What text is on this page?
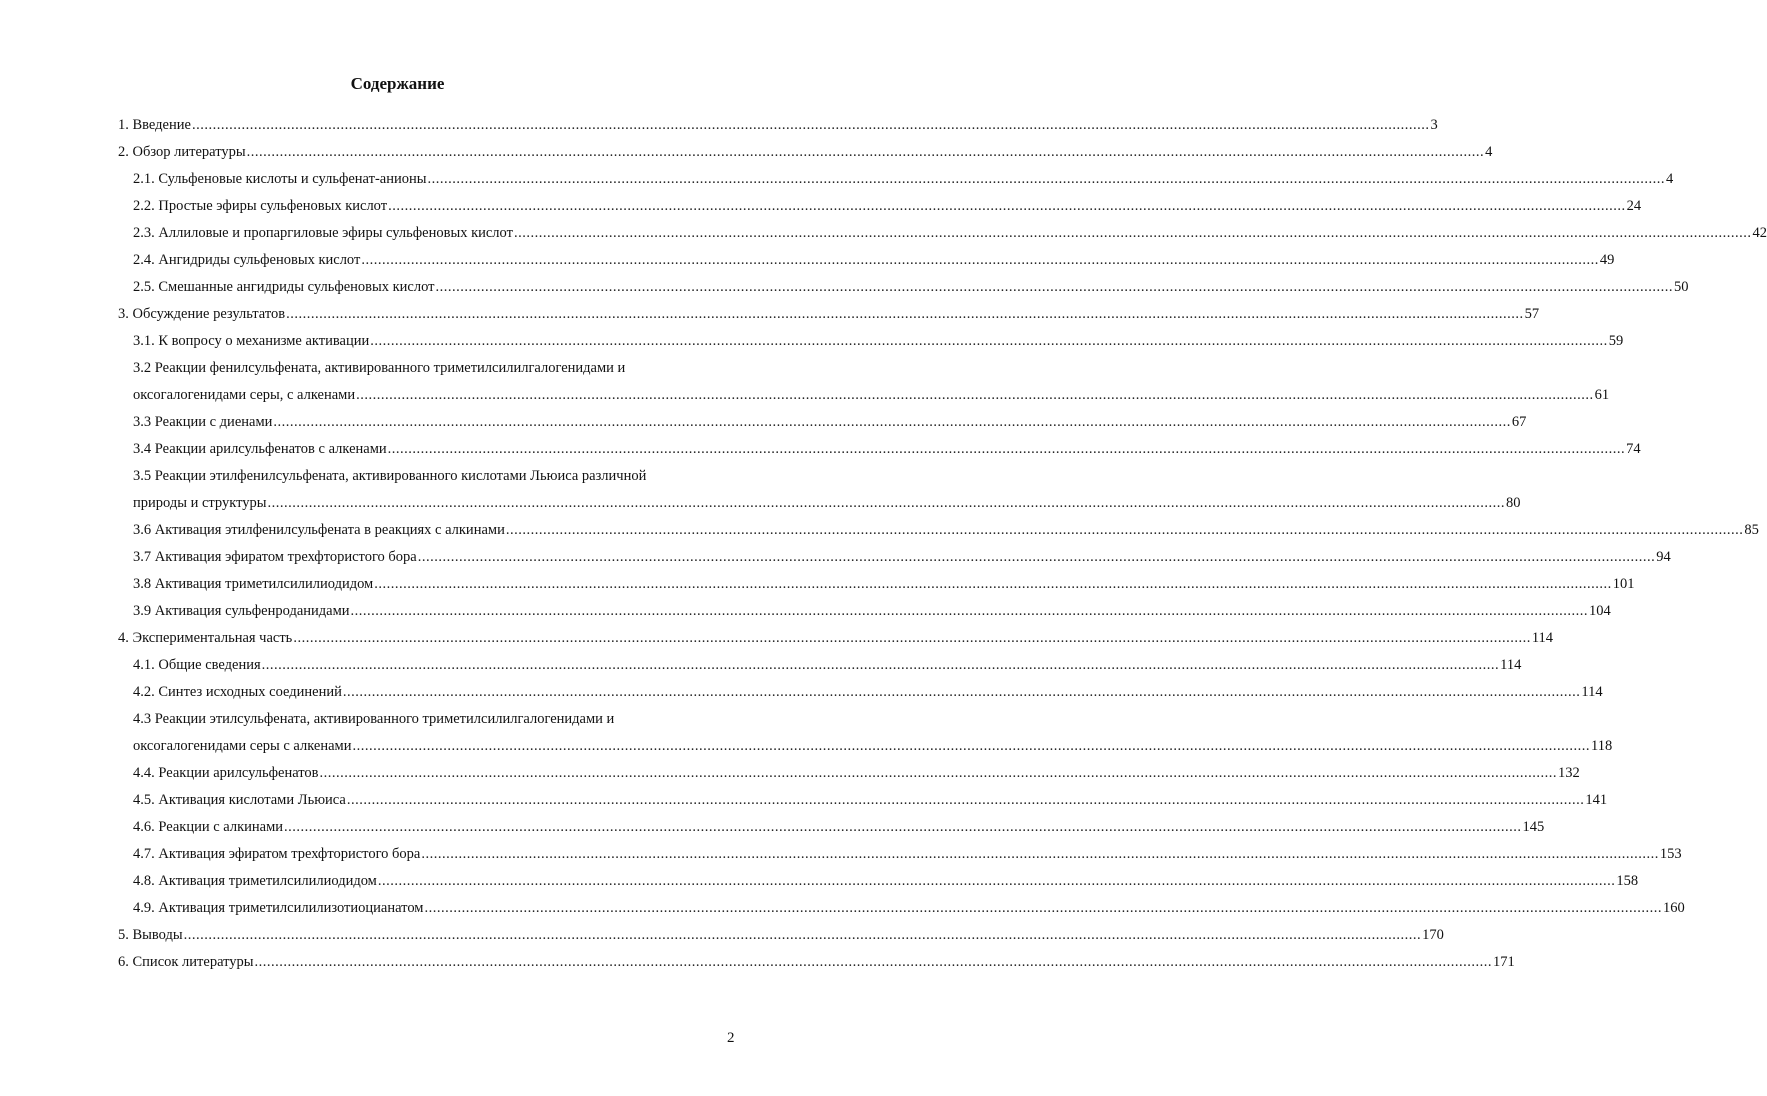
Содержание
1. Введение ............................................................................................................................................................................................................................................................................................................ 3
2. Обзор литературы ............................................................................................................................................................................................................................................................................................................ 4
2.1. Сульфеновые кислоты и сульфенат-анионы ............................................................................................................................................................................................................................................................................................................ 4
2.2. Простые эфиры сульфеновых кислот ............................................................................................................................................................................................................................................................................................................ 24
2.3. Аллиловые и пропаргиловые эфиры сульфеновых кислот ............................................................................................................................................................................................................................................................................................................ 42
2.4. Ангидриды сульфеновых кислот ............................................................................................................................................................................................................................................................................................................ 49
2.5. Смешанные ангидриды сульфеновых кислот ............................................................................................................................................................................................................................................................................................................ 50
3. Обсуждение результатов ............................................................................................................................................................................................................................................................................................................ 57
3.1. К вопросу о механизме активации ............................................................................................................................................................................................................................................................................................................ 59
3.2 Реакции фенилсульфената, активированного триметилсилилгалогенидами и
оксогалогенидами серы, с алкенами ............................................................................................................................................................................................................................................................................................................ 61
3.3 Реакции с диенами ............................................................................................................................................................................................................................................................................................................ 67
3.4 Реакции арилсульфенатов с алкенами ............................................................................................................................................................................................................................................................................................................ 74
3.5 Реакции этилфенилсульфената, активированного кислотами Льюиса различной
природы и структуры ............................................................................................................................................................................................................................................................................................................ 80
3.6 Активация этилфенилсульфената в реакциях с алкинами ............................................................................................................................................................................................................................................................................................................ 85
3.7 Активация эфиратом трехфтористого бора ............................................................................................................................................................................................................................................................................................................ 94
3.8 Активация триметилсилилиодидом ............................................................................................................................................................................................................................................................................................................ 101
3.9 Активация сульфенроданидами ............................................................................................................................................................................................................................................................................................................ 104
4. Экспериментальная часть ............................................................................................................................................................................................................................................................................................................ 114
4.1. Общие сведения ............................................................................................................................................................................................................................................................................................................ 114
4.2. Синтез исходных соединений ............................................................................................................................................................................................................................................................................................................ 114
4.3 Реакции этилсульфената, активированного триметилсилилгалогенидами и
оксогалогенидами серы с алкенами ............................................................................................................................................................................................................................................................................................................ 118
4.4. Реакции арилсульфенатов ............................................................................................................................................................................................................................................................................................................ 132
4.5. Активация кислотами Льюиса ............................................................................................................................................................................................................................................................................................................ 141
4.6. Реакции с алкинами ............................................................................................................................................................................................................................................................................................................ 145
4.7. Активация эфиратом трехфтористого бора ............................................................................................................................................................................................................................................................................................................ 153
4.8. Активация триметилсилилиодидом ............................................................................................................................................................................................................................................................................................................ 158
4.9. Активация триметилсилилизотиоцианатом ............................................................................................................................................................................................................................................................................................................ 160
5. Выводы ............................................................................................................................................................................................................................................................................................................ 170
6. Список литературы ............................................................................................................................................................................................................................................................................................................ 171
2
